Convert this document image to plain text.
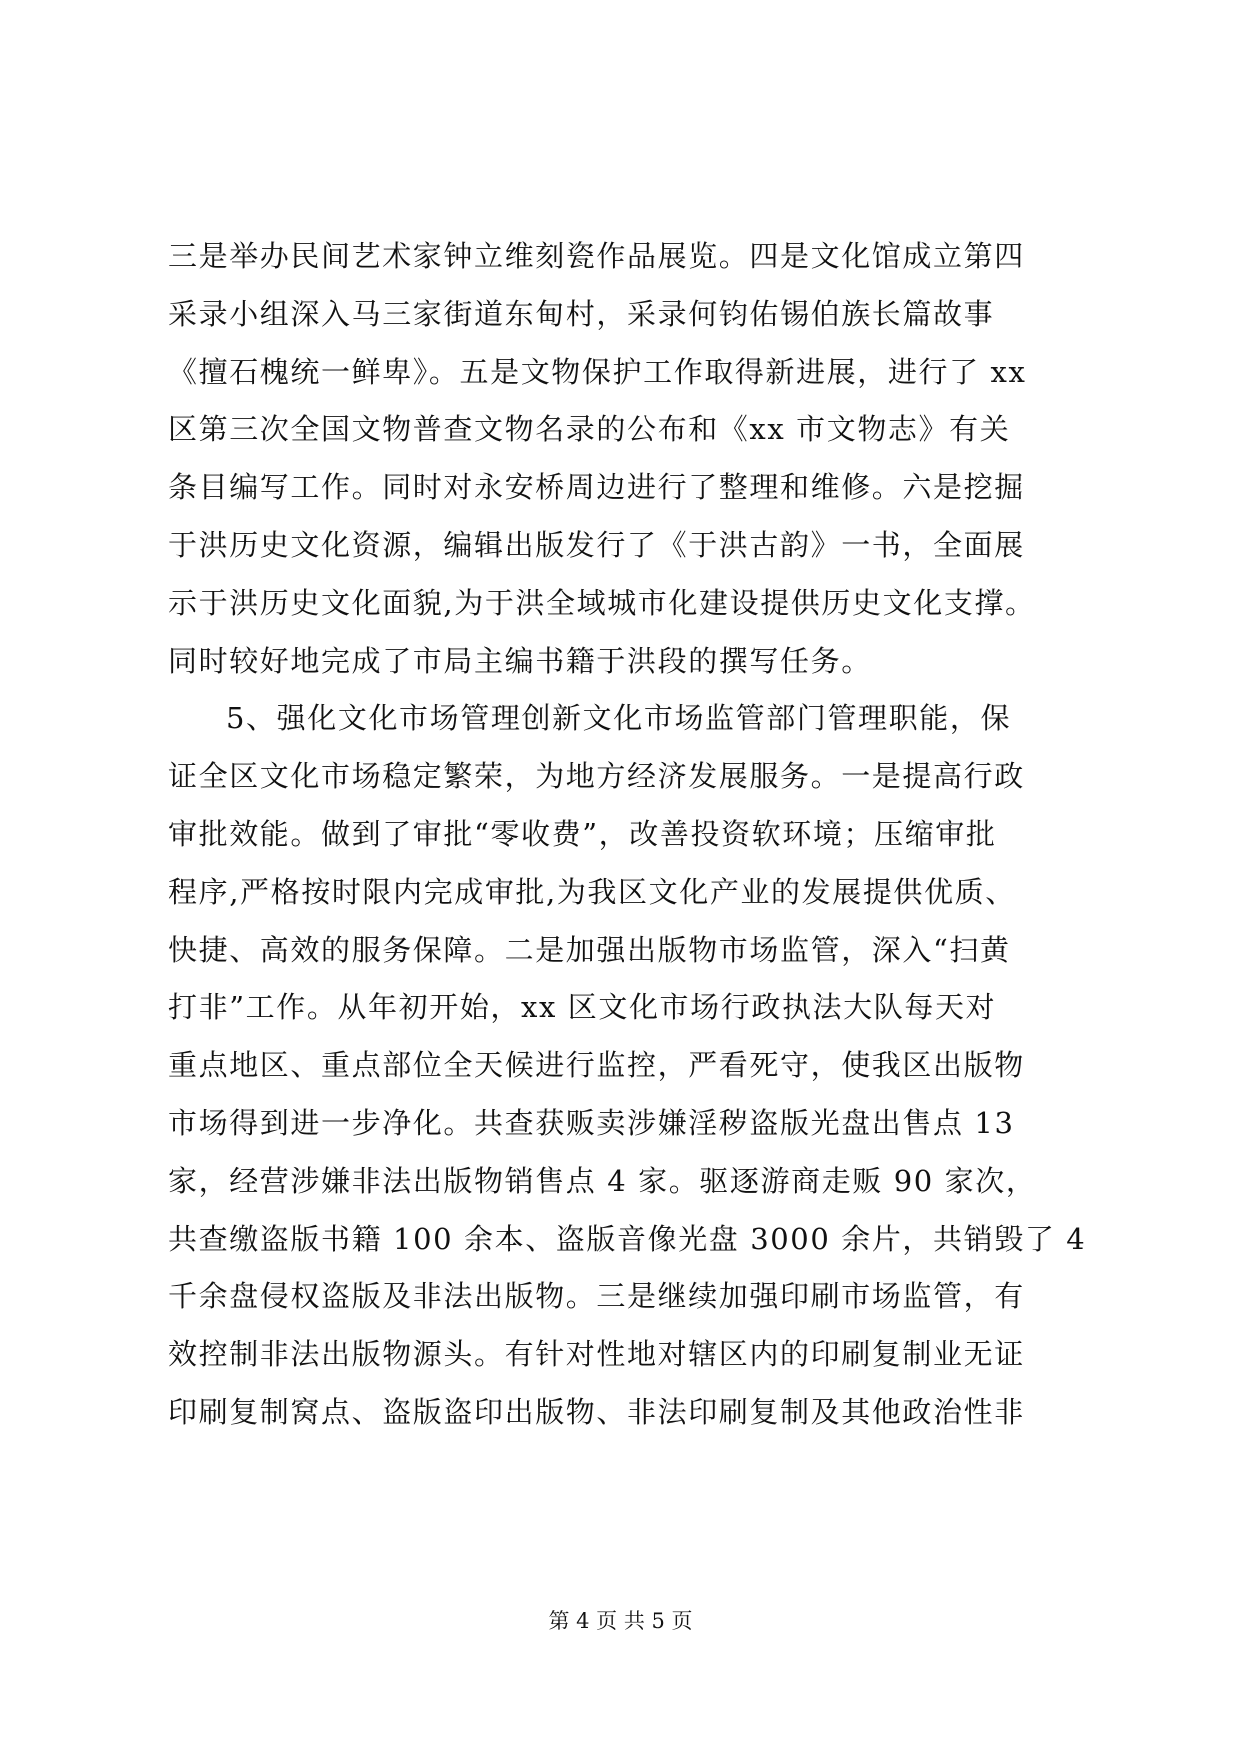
三是举办民间艺术家钟立维刻瓷作品展览。四是文化馆成立第四
采录小组深入马三家街道东甸村，采录何钧佑锡伯族长篇故事
《擅石槐统一鲜卑》。五是文物保护工作取得新进展，进行了 xx
区第三次全国文物普查文物名录的公布和《xx 市文物志》有关
条目编写工作。同时对永安桥周边进行了整理和维修。六是挖掘
于洪历史文化资源，编辑出版发行了《于洪古韵》一书，全面展
示于洪历史文化面貌,为于洪全域城市化建设提供历史文化支撑。
同时较好地完成了市局主编书籍于洪段的撰写任务。
5、强化文化市场管理创新文化市场监管部门管理职能，保
证全区文化市场稳定繁荣，为地方经济发展服务。一是提高行政
审批效能。做到了审批“零收费”，改善投资软环境；压缩审批
程序,严格按时限内完成审批,为我区文化产业的发展提供优质、
快捷、高效的服务保障。二是加强出版物市场监管，深入“扫黄
打非”工作。从年初开始，xx 区文化市场行政执法大队每天对
重点地区、重点部位全天候进行监控，严看死守，使我区出版物
市场得到进一步净化。共查获贩卖涉嫌淫秽盗版光盘出售点 13
家，经营涉嫌非法出版物销售点 4 家。驱逐游商走贩 90 家次，
共查缴盗版书籍 100 余本、盗版音像光盘 3000 余片，共销毁了 4
千余盘侵权盗版及非法出版物。三是继续加强印刷市场监管，有
效控制非法出版物源头。有针对性地对辖区内的印刷复制业无证
印刷复制窝点、盗版盗印出版物、非法印刷复制及其他政治性非
第 4 页 共 5 页
